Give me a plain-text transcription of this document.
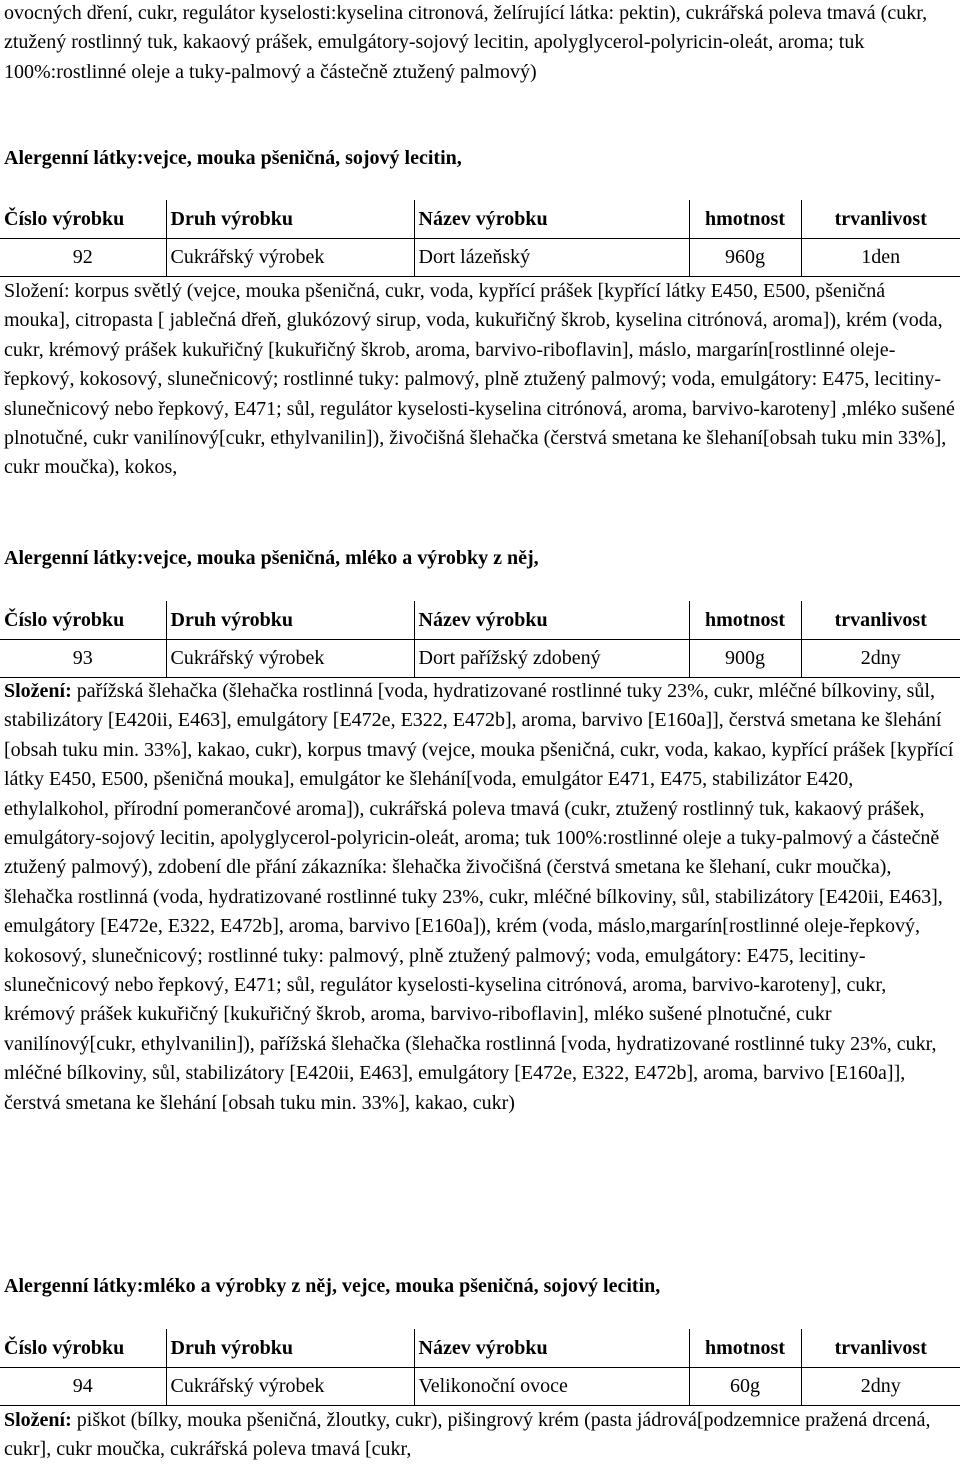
ovocných dření, cukr, regulátor kyselosti:kyselina citronová, želírující látka: pektin), cukrářská poleva tmavá (cukr, ztužený rostlinný tuk, kakaový prášek, emulgátory-sojový lecitin, apolyglycerol-polyricin-oleát, aroma; tuk 100%:rostlinné oleje a tuky-palmový a částečně ztužený palmový)
Alergenní látky:vejce, mouka pšeničná, sojový lecitin,
Číslo výrobku	Druh výrobku	Název výrobku	hmotnost	trvanlivost
92	Cukrářský výrobek	Dort lázeňský	960g	1den
Složení: korpus světlý (vejce, mouka pšeničná, cukr, voda, kypřící prášek [kypřící látky E450, E500, pšeničná mouka], citropasta [ jablečná dřeň, glukózový sirup, voda, kukuřičný škrob, kyselina citrónová, aroma]), krém (voda, cukr, krémový prášek kukuřičný [kukuřičný škrob, aroma, barvivo-riboflavin], máslo, margarín[rostlinné oleje-řepkový, kokosový, slunečnicový; rostlinné tuky: palmový, plně ztužený palmový; voda, emulgátory: E475, lecitiny-slunečnicový nebo řepkový, E471; sůl, regulátor kyselosti-kyselina citrónová, aroma, barvivo-karoteny] ,mléko sušené plnotučné, cukr vanilínový[cukr, ethylvanilin]), živočišná šlehačka (čerstvá smetana ke šlehaní[obsah tuku min 33%], cukr moučka), kokos,
Alergenní látky:vejce, mouka pšeničná, mléko a výrobky z něj,
Číslo výrobku	Druh výrobku	Název výrobku	hmotnost	trvanlivost
93	Cukrářský výrobek	Dort pařížský zdobený	900g	2dny
Složení: pařížská šlehačka (šlehačka rostlinná [voda, hydratizované rostlinné tuky 23%, cukr, mléčné bílkoviny, sůl, stabilizátory [E420ii, E463], emulgátory [E472e, E322, E472b], aroma, barvivo [E160a]], čerstvá smetana ke šlehání [obsah tuku min. 33%], kakao, cukr), korpus tmavý (vejce, mouka pšeničná, cukr, voda, kakao, kypřící prášek [kypřící látky E450, E500, pšeničná mouka], emulgátor ke šlehání[voda, emulgátor E471, E475, stabilizátor E420, ethylalkohol, přírodní pomerančové aroma]), cukrářská poleva tmavá (cukr, ztužený rostlinný tuk, kakaový prášek, emulgátory-sojový lecitin, apolyglycerol-polyricin-oleát, aroma; tuk 100%:rostlinné oleje a tuky-palmový a částečně ztužený palmový), zdobení dle přání zákazníka: šlehačka živočišná (čerstvá smetana ke šlehaní, cukr moučka), šlehačka rostlinná (voda, hydratizované rostlinné tuky 23%, cukr, mléčné bílkoviny, sůl, stabilizátory [E420ii, E463], emulgátory [E472e, E322, E472b], aroma, barvivo [E160a]), krém (voda, máslo,margarín[rostlinné oleje-řepkový, kokosový, slunečnicový; rostlinné tuky: palmový, plně ztužený palmový; voda, emulgátory: E475, lecitiny-slunečnicový nebo řepkový, E471; sůl, regulátor kyselosti-kyselina citrónová, aroma, barvivo-karoteny], cukr, krémový prášek kukuřičný [kukuřičný škrob, aroma, barvivo-riboflavin], mléko sušené plnotučné, cukr vanilínový[cukr, ethylvanilin]), pařížská šlehačka (šlehačka rostlinná [voda, hydratizované rostlinné tuky 23%, cukr, mléčné bílkoviny, sůl, stabilizátory [E420ii, E463], emulgátory [E472e, E322, E472b], aroma, barvivo [E160a]], čerstvá smetana ke šlehání [obsah tuku min. 33%], kakao, cukr)
Alergenní látky:mléko a výrobky z něj, vejce, mouka pšeničná, sojový lecitin,
Číslo výrobku	Druh výrobku	Název výrobku	hmotnost	trvanlivost
94	Cukrářský výrobek	Velikonoční ovoce	60g	2dny
Složení: piškot (bílky, mouka pšeničná, žloutky, cukr), pišingrový krém (pasta jádrová[podzemnice pražená drcená, cukr], cukr moučka, cukrářská poleva tmavá [cukr,
